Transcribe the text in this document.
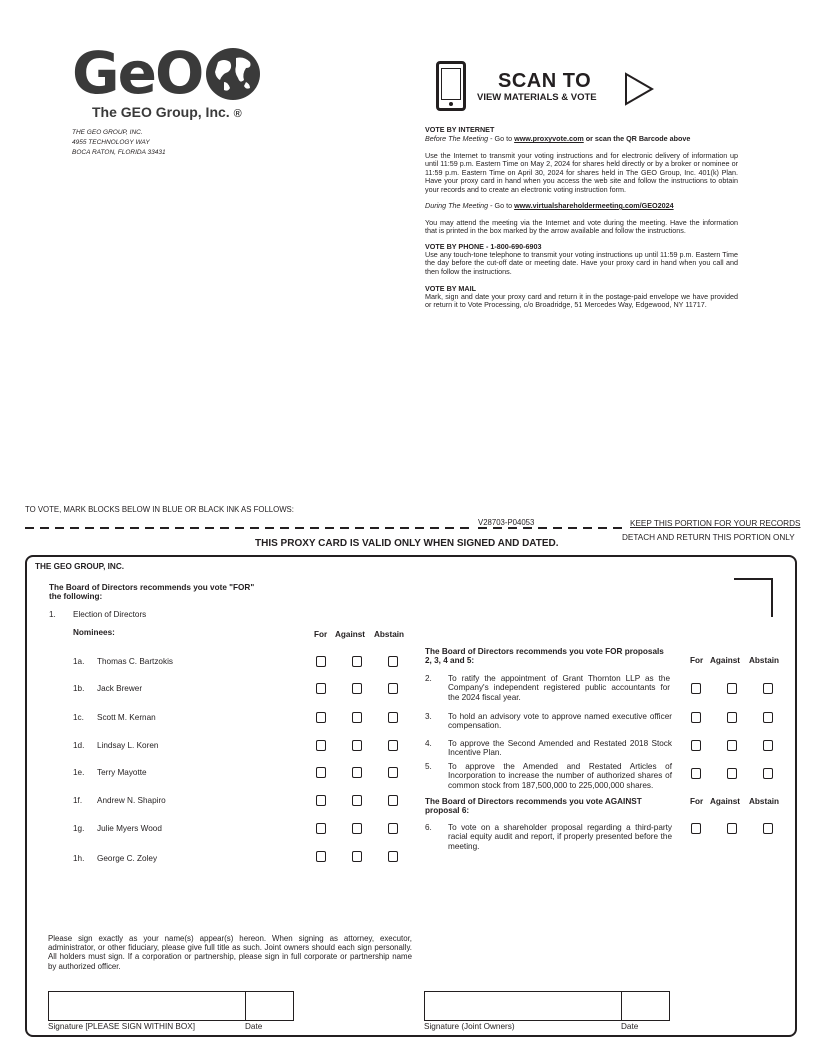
GeO
The GEO Group, Inc. ®
THE GEO GROUP, INC.
4955 TECHNOLOGY WAY
BOCA RATON, FLORIDA 33431
SCAN TO
VIEW MATERIALS & VOTE
VOTE BY INTERNET
Before The Meeting - Go to www.proxyvote.com or scan the QR Barcode above
Use the Internet to transmit your voting instructions and for electronic delivery of information up until 11:59 p.m. Eastern Time on May 2, 2024 for shares held directly or by a broker or nominee or 11:59 p.m. Eastern Time on April 30, 2024 for shares held in The GEO Group, Inc. 401(k) Plan. Have your proxy card in hand when you access the web site and follow the instructions to obtain your records and to create an electronic voting instruction form.
During The Meeting - Go to www.virtualshareholdermeeting.com/GEO2024
You may attend the meeting via the Internet and vote during the meeting. Have the information that is printed in the box marked by the arrow available and follow the instructions.
VOTE BY PHONE - 1-800-690-6903
Use any touch-tone telephone to transmit your voting instructions up until 11:59 p.m. Eastern Time the day before the cut-off date or meeting date. Have your proxy card in hand when you call and then follow the instructions.
VOTE BY MAIL
Mark, sign and date your proxy card and return it in the postage-paid envelope we have provided or return it to Vote Processing, c/o Broadridge, 51 Mercedes Way, Edgewood, NY 11717.
TO VOTE, MARK BLOCKS BELOW IN BLUE OR BLACK INK AS FOLLOWS:
V28703-P04053	KEEP THIS PORTION FOR YOUR RECORDS
DETACH AND RETURN THIS PORTION ONLY
THIS PROXY CARD IS VALID ONLY WHEN SIGNED AND DATED.
THE GEO GROUP, INC.
The Board of Directors recommends you vote "FOR"
the following:
1. Election of Directors
Nominees:	For Against Abstain
1a. Thomas C. Bartzokis
1b. Jack Brewer
1c. Scott M. Kernan
1d. Lindsay L. Koren
1e. Terry Mayotte
1f. Andrew N. Shapiro
1g. Julie Myers Wood
1h. George C. Zoley
The Board of Directors recommends you vote FOR proposals
2, 3, 4 and 5:	For Against Abstain
2. To ratify the appointment of Grant Thornton LLP as the Company's independent registered public accountants for the 2024 fiscal year.
3. To hold an advisory vote to approve named executive officer compensation.
4. To approve the Second Amended and Restated 2018 Stock Incentive Plan.
5. To approve the Amended and Restated Articles of Incorporation to increase the number of authorized shares of common stock from 187,500,000 to 225,000,000 shares.
The Board of Directors recommends you vote AGAINST
proposal 6:
For Against Abstain
6. To vote on a shareholder proposal regarding a third-party racial equity audit and report, if properly presented before the meeting.
Please sign exactly as your name(s) appear(s) hereon. When signing as attorney, executor, administrator, or other fiduciary, please give full title as such. Joint owners should each sign personally. All holders must sign. If a corporation or partnership, please sign in full corporate or partnership name by authorized officer.
Signature [PLEASE SIGN WITHIN BOX]	Date	Signature (Joint Owners)	Date
